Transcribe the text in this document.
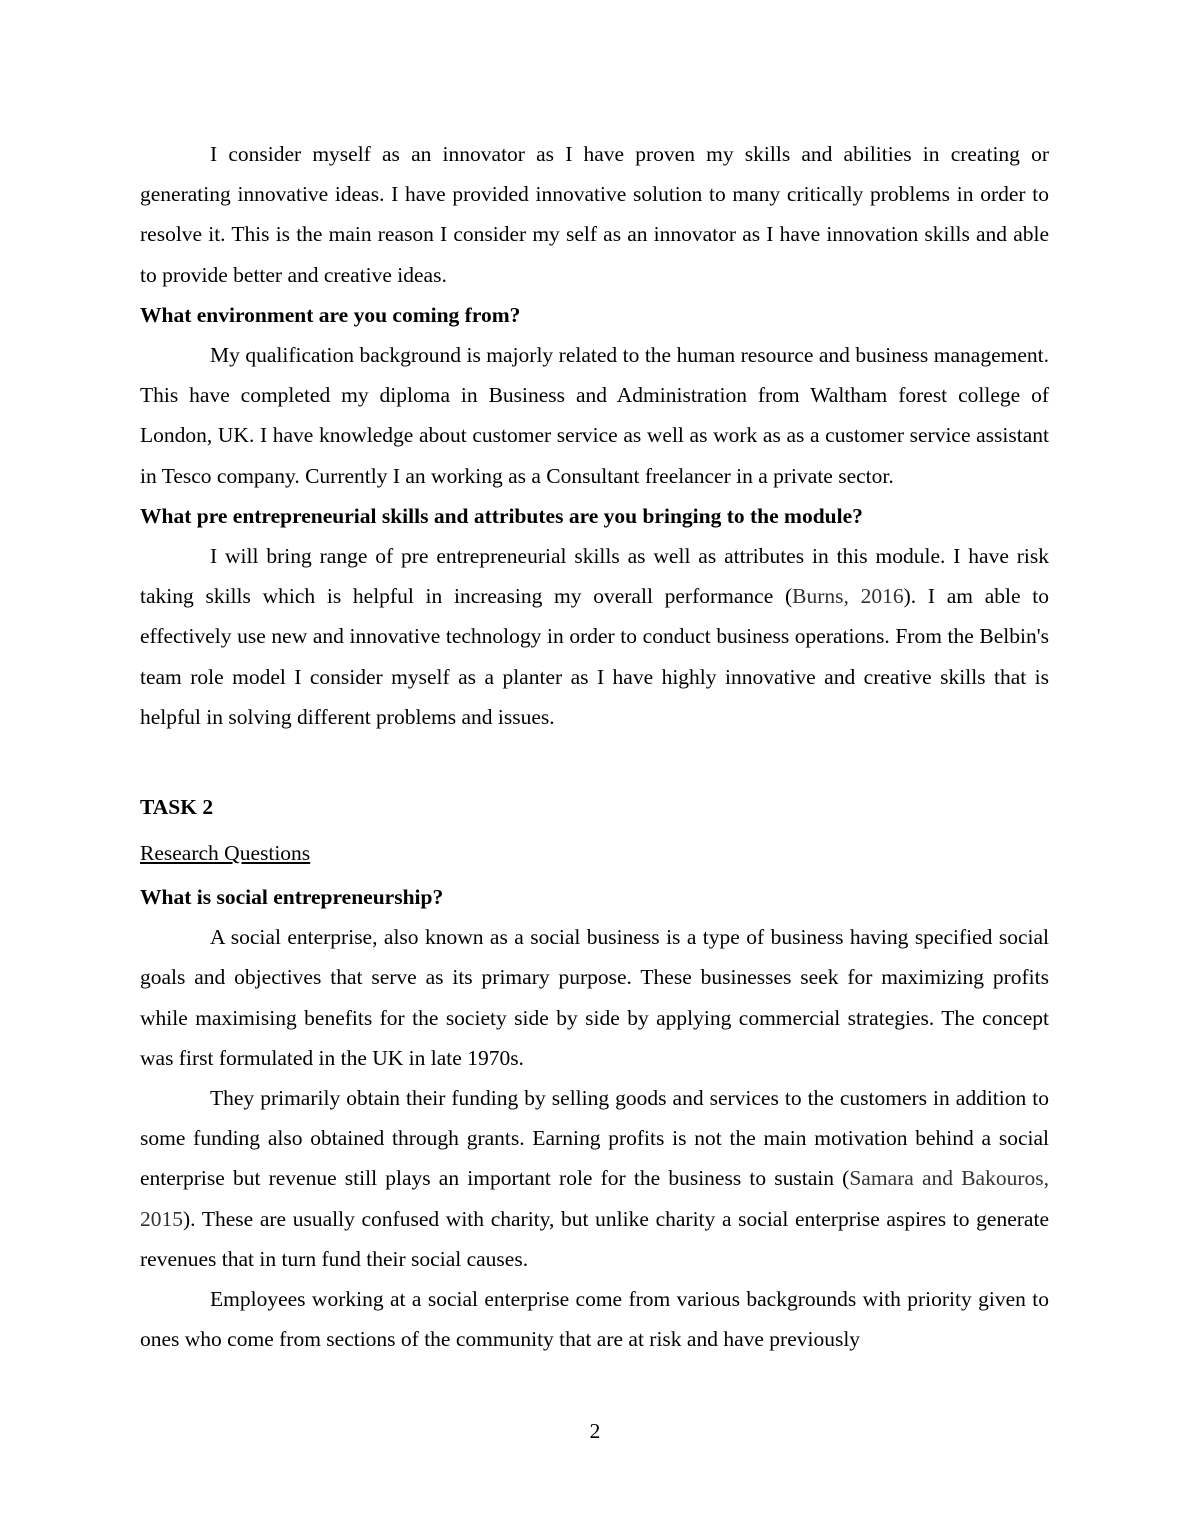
I consider myself as an innovator as I have proven my skills and abilities in creating or generating innovative ideas. I have provided innovative solution to many critically problems in order to resolve it. This is the main reason I consider my self as an innovator as I have innovation skills and able to provide better and creative ideas.

What environment are you coming from?

My qualification background is majorly related to the human resource and business management. This have completed my diploma in Business and Administration from Waltham forest college of London, UK. I have knowledge about customer service as well as work as as a customer service assistant in Tesco company. Currently I an working as a Consultant freelancer in a private sector.

What pre entrepreneurial skills and attributes are you bringing to the module?

I will bring range of pre entrepreneurial skills as well as attributes in this module. I have risk taking skills which is helpful in increasing my overall performance (Burns, 2016). I am able to effectively use new and innovative technology in order to conduct business operations. From the Belbin's team role model I consider myself as a planter as I have highly innovative and creative skills that is helpful in solving different problems and issues.

TASK 2

Research Questions

What is social entrepreneurship?

A social enterprise, also known as a social business is a type of business having specified social goals and objectives that serve as its primary purpose. These businesses seek for maximizing profits while maximising benefits for the society side by side by applying commercial strategies. The concept was first formulated in the UK in late 1970s.

They primarily obtain their funding by selling goods and services to the customers in addition to some funding also obtained through grants. Earning profits is not the main motivation behind a social enterprise but revenue still plays an important role for the business to sustain (Samara and Bakouros, 2015). These are usually confused with charity, but unlike charity a social enterprise aspires to generate revenues that in turn fund their social causes.

Employees working at a social enterprise come from various backgrounds with priority given to ones who come from sections of the community that are at risk and have previously

2
